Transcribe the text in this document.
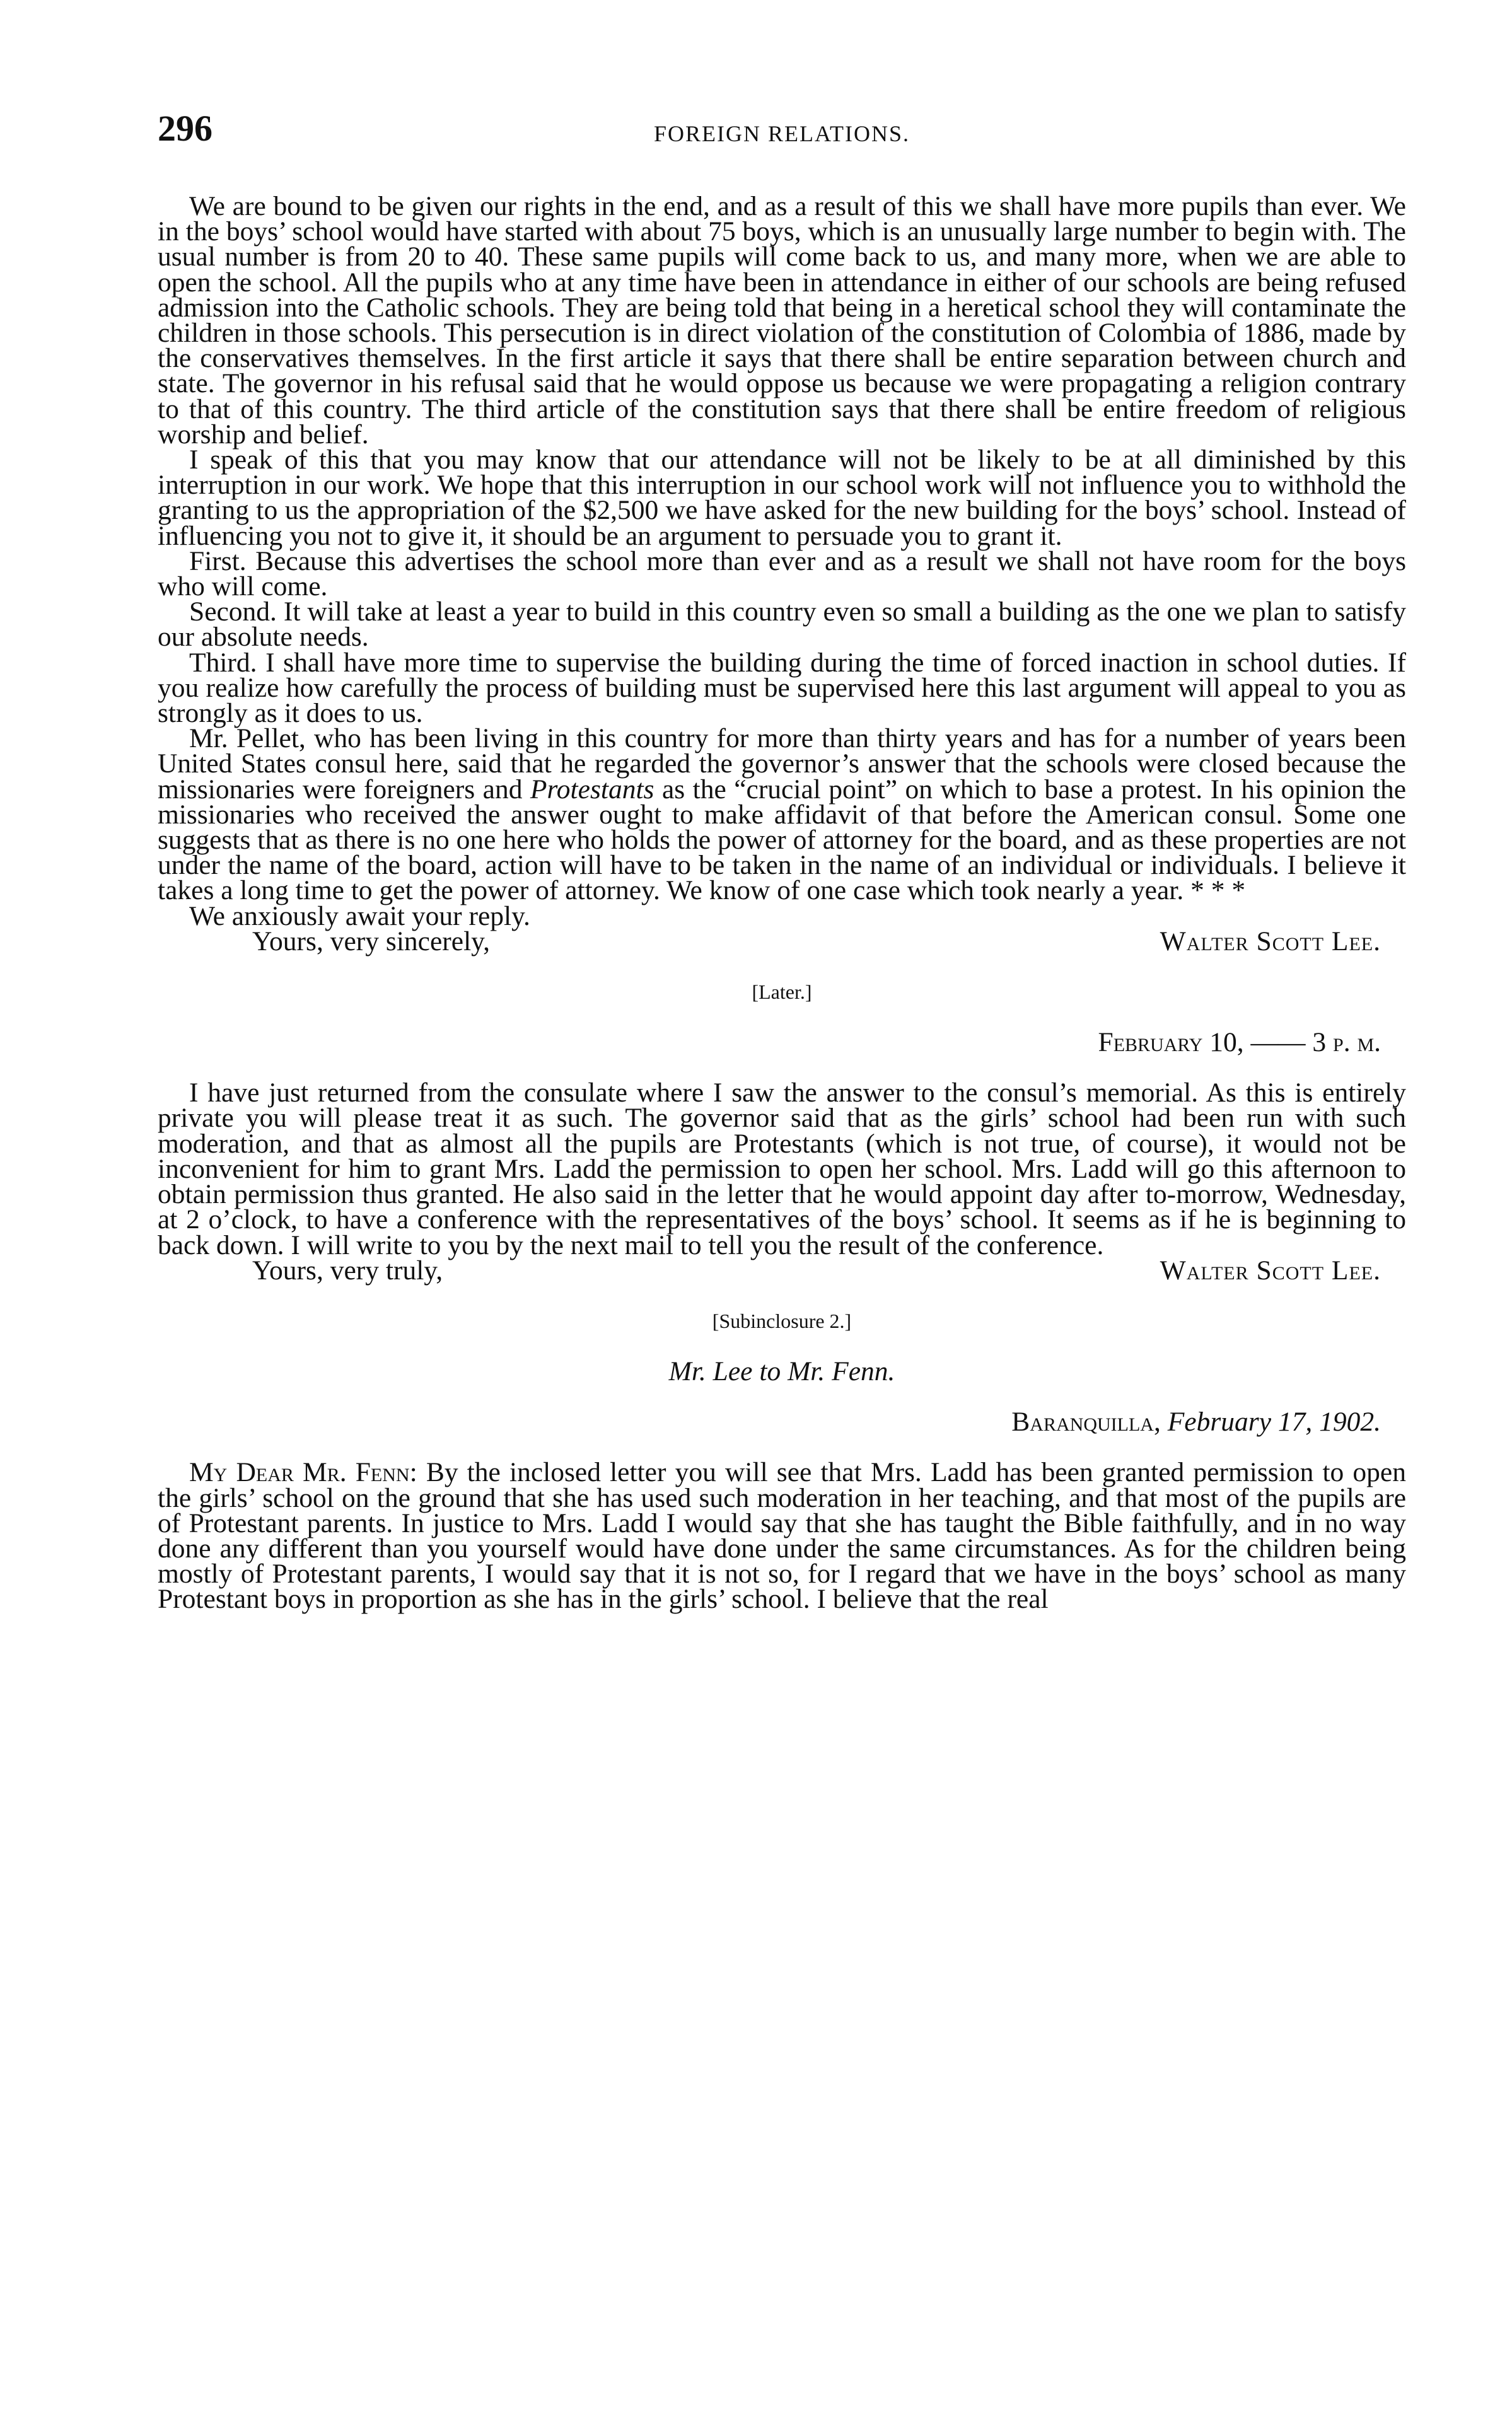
296	FOREIGN RELATIONS.

We are bound to be given our rights in the end, and as a result of this we shall have more pupils than ever. We in the boys’ school would have started with about 75 boys, which is an unusually large number to begin with. The usual number is from 20 to 40. These same pupils will come back to us, and many more, when we are able to open the school. All the pupils who at any time have been in attendance in either of our schools are being refused admission into the Catholic schools. They are being told that being in a heretical school they will contaminate the children in those schools. This persecution is in direct violation of the constitution of Colombia of 1886, made by the conservatives themselves. In the first article it says that there shall be entire separation between church and state. The governor in his refusal said that he would oppose us because we were propagating a religion contrary to that of this country. The third article of the constitution says that there shall be entire freedom of religious worship and belief.

I speak of this that you may know that our attendance will not be likely to be at all diminished by this interruption in our work. We hope that this interruption in our school work will not influence you to withhold the granting to us the appropriation of the $2,500 we have asked for the new building for the boys’ school. Instead of influencing you not to give it, it should be an argument to persuade you to grant it.

First. Because this advertises the school more than ever and as a result we shall not have room for the boys who will come.

Second. It will take at least a year to build in this country even so small a building as the one we plan to satisfy our absolute needs.

Third. I shall have more time to supervise the building during the time of forced inaction in school duties. If you realize how carefully the process of building must be supervised here this last argument will appeal to you as strongly as it does to us.

Mr. Pellet, who has been living in this country for more than thirty years and has for a number of years been United States consul here, said that he regarded the governor’s answer that the schools were closed because the missionaries were foreigners and Protestants as the “crucial point” on which to base a protest. In his opinion the missionaries who received the answer ought to make affidavit of that before the American consul. Some one suggests that as there is no one here who holds the power of attorney for the board, and as these properties are not under the name of the board, action will have to be taken in the name of an individual or individuals. I believe it takes a long time to get the power of attorney. We know of one case which took nearly a year. * * *

We anxiously await your reply.

Yours, very sincerely,	Walter Scott Lee.
[Later.]
February 10, —— 3 p. m.

I have just returned from the consulate where I saw the answer to the consul’s memorial. As this is entirely private you will please treat it as such. The governor said that as the girls’ school had been run with such moderation, and that as almost all the pupils are Protestants (which is not true, of course), it would not be inconvenient for him to grant Mrs. Ladd the permission to open her school. Mrs. Ladd will go this afternoon to obtain permission thus granted. He also said in the letter that he would appoint day after to-morrow, Wednesday, at 2 o’clock, to have a conference with the representatives of the boys’ school. It seems as if he is beginning to back down. I will write to you by the next mail to tell you the result of the conference.

Yours, very truly,	Walter Scott Lee.
[Subinclosure 2.]
Mr. Lee to Mr. Fenn.
Baranquilla, February 17, 1902.

My Dear Mr. Fenn: By the inclosed letter you will see that Mrs. Ladd has been granted permission to open the girls’ school on the ground that she has used such moderation in her teaching, and that most of the pupils are of Protestant parents. In justice to Mrs. Ladd I would say that she has taught the Bible faithfully, and in no way done any different than you yourself would have done under the same circumstances. As for the children being mostly of Protestant parents, I would say that it is not so, for I regard that we have in the boys’ school as many Protestant boys in proportion as she has in the girls’ school. I believe that the real
